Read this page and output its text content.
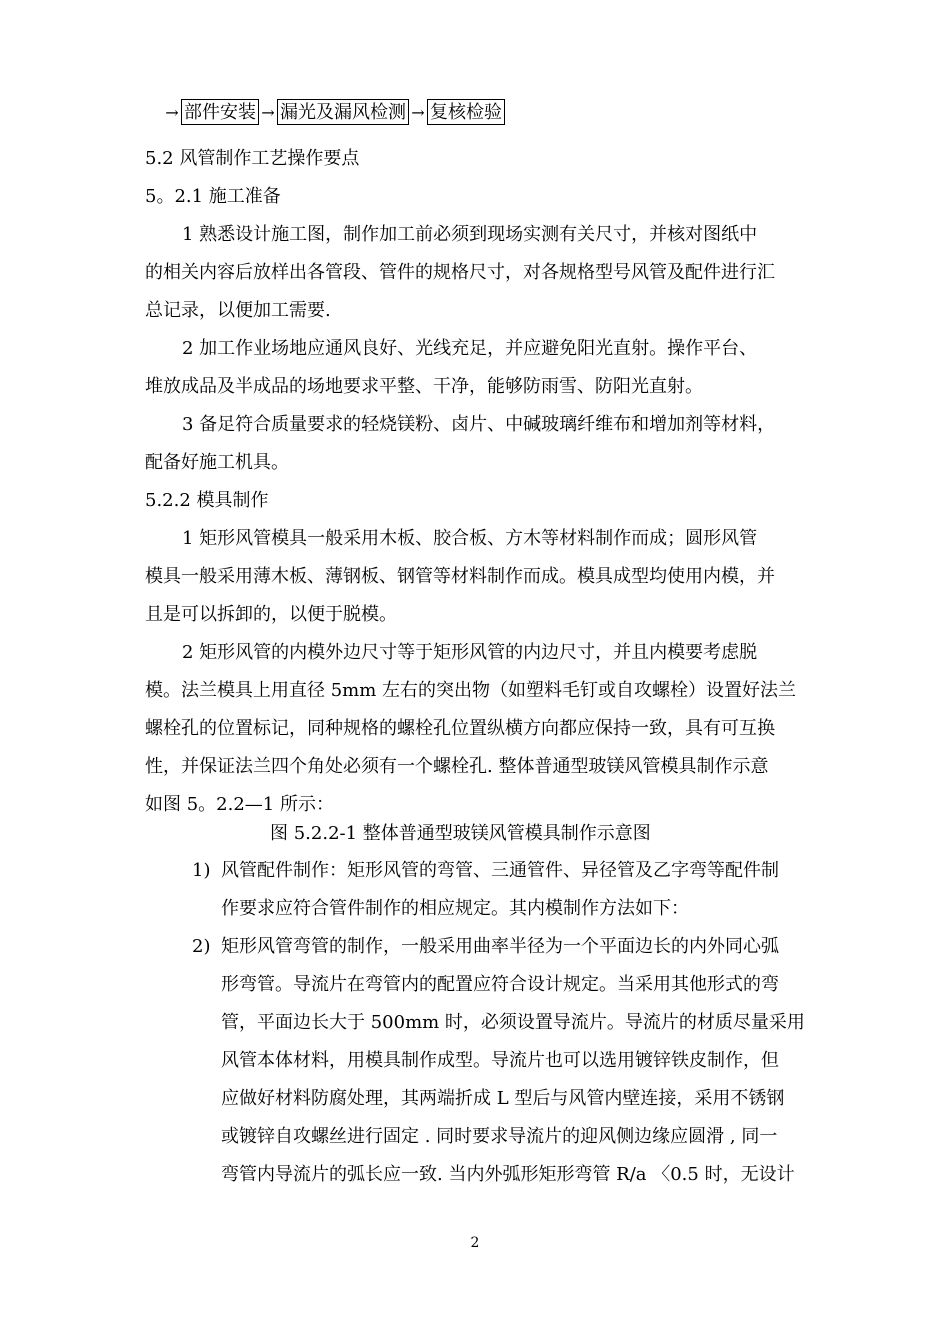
→ 部件安装 → 漏光及漏风检测 → 复核检验
5.2 风管制作工艺操作要点
5。2.1 施工准备
1 熟悉设计施工图，制作加工前必须到现场实测有关尺寸，并核对图纸中
的相关内容后放样出各管段、管件的规格尺寸，对各规格型号风管及配件进行汇
总记录，以便加工需要.
2 加工作业场地应通风良好、光线充足，并应避免阳光直射。操作平台、
堆放成品及半成品的场地要求平整、干净，能够防雨雪、防阳光直射。
3 备足符合质量要求的轻烧镁粉、卤片、中碱玻璃纤维布和增加剂等材料，
配备好施工机具。
5.2.2 模具制作
1 矩形风管模具一般采用木板、胶合板、方木等材料制作而成；圆形风管
模具一般采用薄木板、薄钢板、钢管等材料制作而成。模具成型均使用内模，并
且是可以拆卸的，以便于脱模。
2 矩形风管的内模外边尺寸等于矩形风管的内边尺寸，并且内模要考虑脱
模。法兰模具上用直径 5mm 左右的突出物（如塑料毛钉或自攻螺栓）设置好法兰
螺栓孔的位置标记，同种规格的螺栓孔位置纵横方向都应保持一致，具有可互换
性，并保证法兰四个角处必须有一个螺栓孔. 整体普通型玻镁风管模具制作示意
如图 5。2.2—1 所示：
图 5.2.2-1 整体普通型玻镁风管模具制作示意图
1) 风管配件制作：矩形风管的弯管、三通管件、异径管及乙字弯等配件制
作要求应符合管件制作的相应规定。其内模制作方法如下：
2) 矩形风管弯管的制作，一般采用曲率半径为一个平面边长的内外同心弧
形弯管。导流片在弯管内的配置应符合设计规定。当采用其他形式的弯
管，平面边长大于 500mm 时，必须设置导流片。导流片的材质尽量采用
风管本体材料，用模具制作成型。导流片也可以选用镀锌铁皮制作，但
应做好材料防腐处理，其两端折成 L 型后与风管内壁连接，采用不锈钢
或镀锌自攻螺丝进行固定 . 同时要求导流片的迎风侧边缘应圆滑 , 同一
弯管内导流片的弧长应一致. 当内外弧形矩形弯管 R/a 〈0.5 时，无设计
2
